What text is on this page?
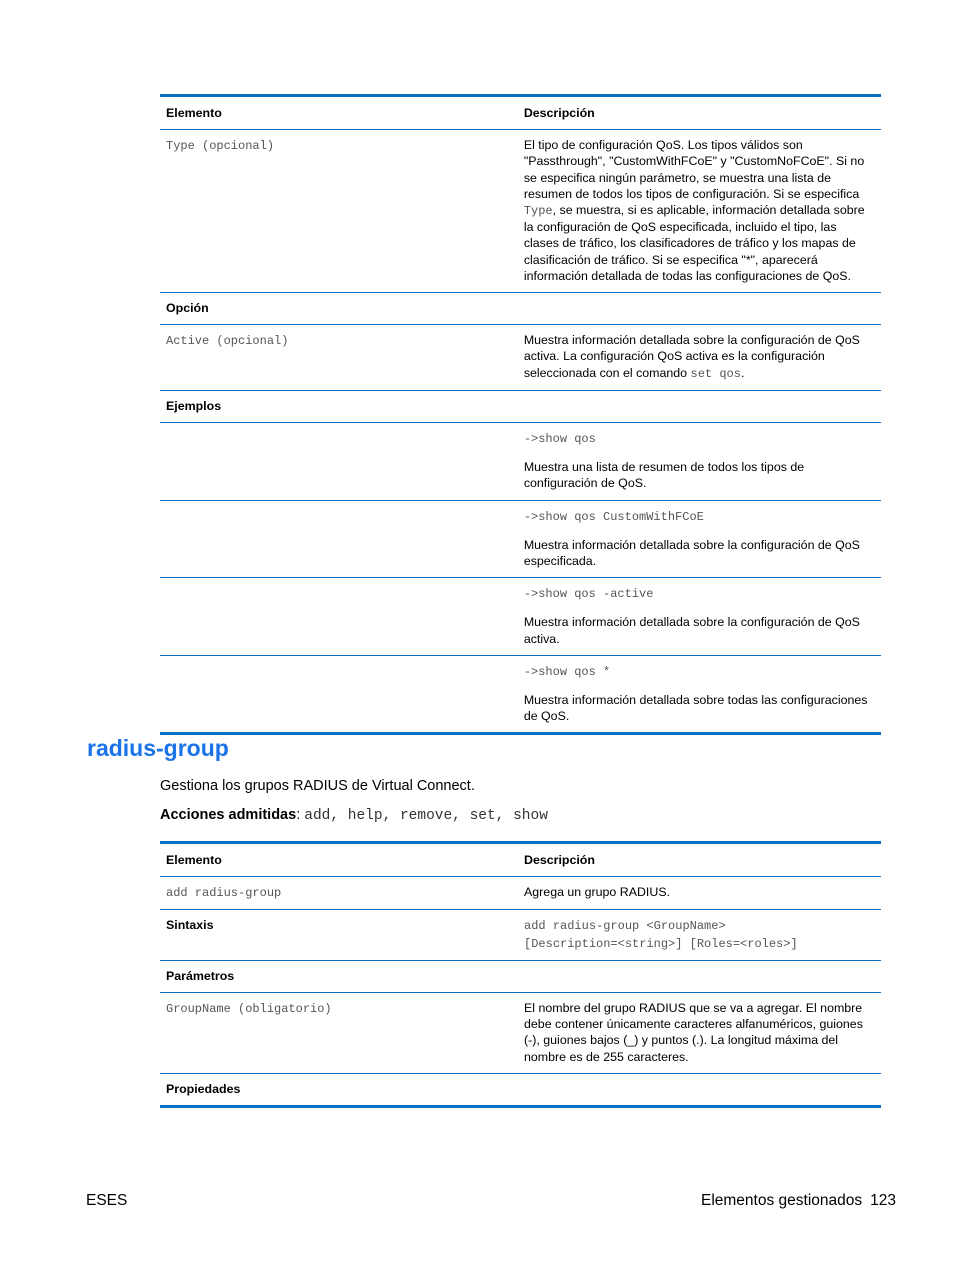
Elemento	Descripción
Type (opcional)	El tipo de configuración QoS. Los tipos válidos son "Passthrough", "CustomWithFCoE" y "CustomNoFCoE". Si no se especifica ningún parámetro, se muestra una lista de resumen de todos los tipos de configuración. Si se especifica Type, se muestra, si es aplicable, información detallada sobre la configuración de QoS especificada, incluido el tipo, las clases de tráfico, los clasificadores de tráfico y los mapas de clasificación de tráfico. Si se especifica "*", aparecerá información detallada de todas las configuraciones de QoS.
Opción	
Active (opcional)	Muestra información detallada sobre la configuración de QoS activa. La configuración QoS activa es la configuración seleccionada con el comando set qos.
Ejemplos	
	->show qos
Muestra una lista de resumen de todos los tipos de configuración de QoS.
	->show qos CustomWithFCoE
Muestra información detallada sobre la configuración de QoS especificada.
	->show qos -active
Muestra información detallada sobre la configuración de QoS activa.
	->show qos *
Muestra información detallada sobre todas las configuraciones de QoS.
radius-group

Gestiona los grupos RADIUS de Virtual Connect.

Acciones admitidas: add, help, remove, set, show

Elemento	Descripción
add radius-group	Agrega un grupo RADIUS.
Sintaxis	add radius-group <GroupName>
[Description=<string>] [Roles=<roles>]
Parámetros	
GroupName (obligatorio)	El nombre del grupo RADIUS que se va a agregar. El nombre debe contener únicamente caracteres alfanuméricos, guiones (-), guiones bajos (_) y puntos (.). La longitud máxima del nombre es de 255 caracteres.
Propiedades	
ESES	Elementos gestionados 123
